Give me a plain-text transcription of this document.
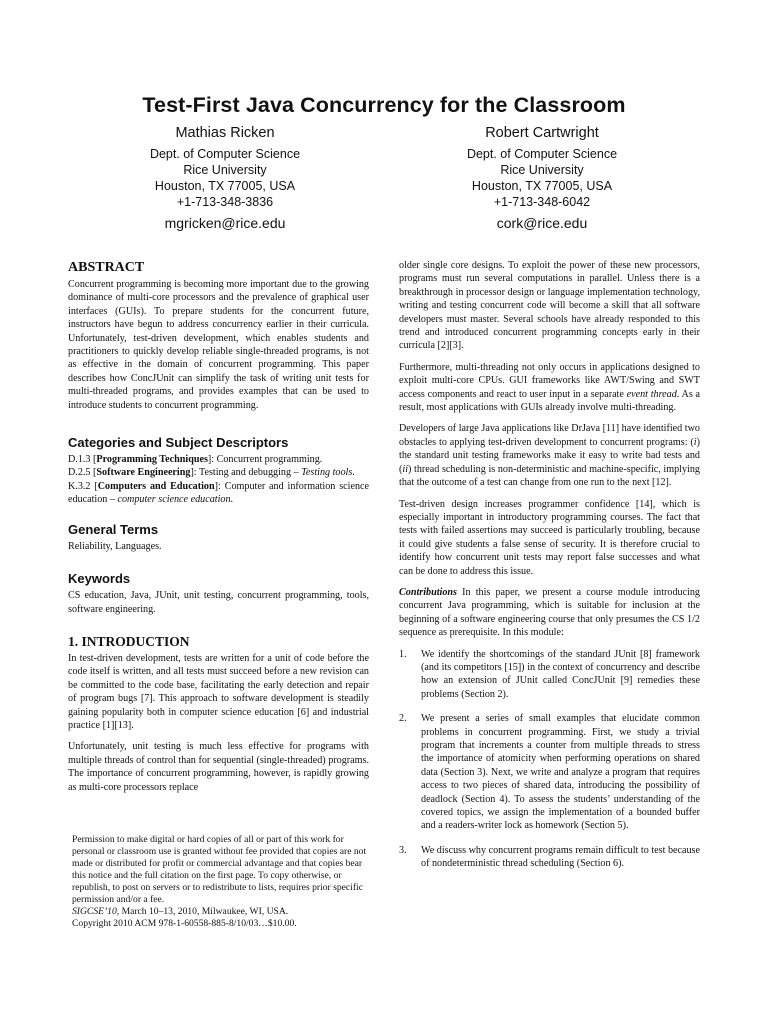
Test-First Java Concurrency for the Classroom
Mathias Ricken
Dept. of Computer Science
Rice University
Houston, TX 77005, USA
+1-713-348-3836
mgricken@rice.edu
Robert Cartwright
Dept. of Computer Science
Rice University
Houston, TX 77005, USA
+1-713-348-6042
cork@rice.edu
ABSTRACT

Concurrent programming is becoming more important due to the growing dominance of multi-core processors and the prevalence of graphical user interfaces (GUIs). To prepare students for the concurrent future, instructors have begun to address concurrency earlier in their curricula. Unfortunately, test-driven development, which enables students and practitioners to quickly develop reliable single-threaded programs, is not as effective in the domain of concurrent programming. This paper describes how ConcJUnit can simplify the task of writing unit tests for multi-threaded programs, and provides examples that can be used to introduce students to concurrent programming.

Categories and Subject Descriptors

D.1.3 [Programming Techniques]: Concurrent programming.

D.2.5 [Software Engineering]: Testing and debugging – Testing tools.

K.3.2 [Computers and Education]: Computer and information science education – computer science education.

General Terms

Reliability, Languages.

Keywords

CS education, Java, JUnit, unit testing, concurrent programming, tools, software engineering.

1. INTRODUCTION

In test-driven development, tests are written for a unit of code before the code itself is written, and all tests must succeed before a new revision can be committed to the code base, facilitating the early detection and repair of program bugs [7]. This approach to software development is steadily gaining popularity both in computer science education [6] and industrial practice [1][13].

Unfortunately, unit testing is much less effective for programs with multiple threads of control than for sequential (single-threaded) programs. The importance of concurrent programming, however, is rapidly growing as multi-core processors replace

older single core designs. To exploit the power of these new processors, programs must run several computations in parallel. Unless there is a breakthrough in processor design or language implementation technology, writing and testing concurrent code will become a skill that all software developers must master. Several schools have already responded to this trend and introduced concurrent programming concepts early in their curricula [2][3].

Furthermore, multi-threading not only occurs in applications designed to exploit multi-core CPUs. GUI frameworks like AWT/Swing and SWT access components and react to user input in a separate event thread. As a result, most applications with GUIs already involve multi-threading.

Developers of large Java applications like DrJava [11] have identified two obstacles to applying test-driven development to concurrent programs: (i) the standard unit testing frameworks make it easy to write bad tests and (ii) thread scheduling is non-deterministic and machine-specific, implying that the outcome of a test can change from one run to the next [12].

Test-driven design increases programmer confidence [14], which is especially important in introductory programming courses. The fact that tests with failed assertions may succeed is particularly troubling, because it could give students a false sense of security. It is therefore crucial to identify how concurrent unit tests may report false successes and what can be done to address this issue.

Contributions In this paper, we present a course module introducing concurrent Java programming, which is suitable for inclusion at the beginning of a software engineering course that only presumes the CS 1/2 sequence as prerequisite. In this module:

1. We identify the shortcomings of the standard JUnit [8] framework (and its competitors [15]) in the context of concurrency and describe how an extension of JUnit called ConcJUnit [9] remedies these problems (Section 2).
2. We present a series of small examples that elucidate common problems in concurrent programming. First, we study a trivial program that increments a counter from multiple threads to stress the importance of atomicity when performing operations on shared data (Section 3). Next, we write and analyze a program that requires access to two pieces of shared data, introducing the possibility of deadlock (Section 4). To assess the students’ understanding of the covered topics, we assign the implementation of a bounded buffer and a readers-writer lock as homework (Section 5).
3. We discuss why concurrent programs remain difficult to test because of nondeterministic thread scheduling (Section 6).

Permission to make digital or hard copies of all or part of this work for personal or classroom use is granted without fee provided that copies are not made or distributed for profit or commercial advantage and that copies bear this notice and the full citation on the first page. To copy otherwise, or republish, to post on servers or to redistribute to lists, requires prior specific permission and/or a fee.

SIGCSE’10, March 10–13, 2010, Milwaukee, WI, USA.

Copyright 2010 ACM 978-1-60558-885-8/10/03…$10.00.
